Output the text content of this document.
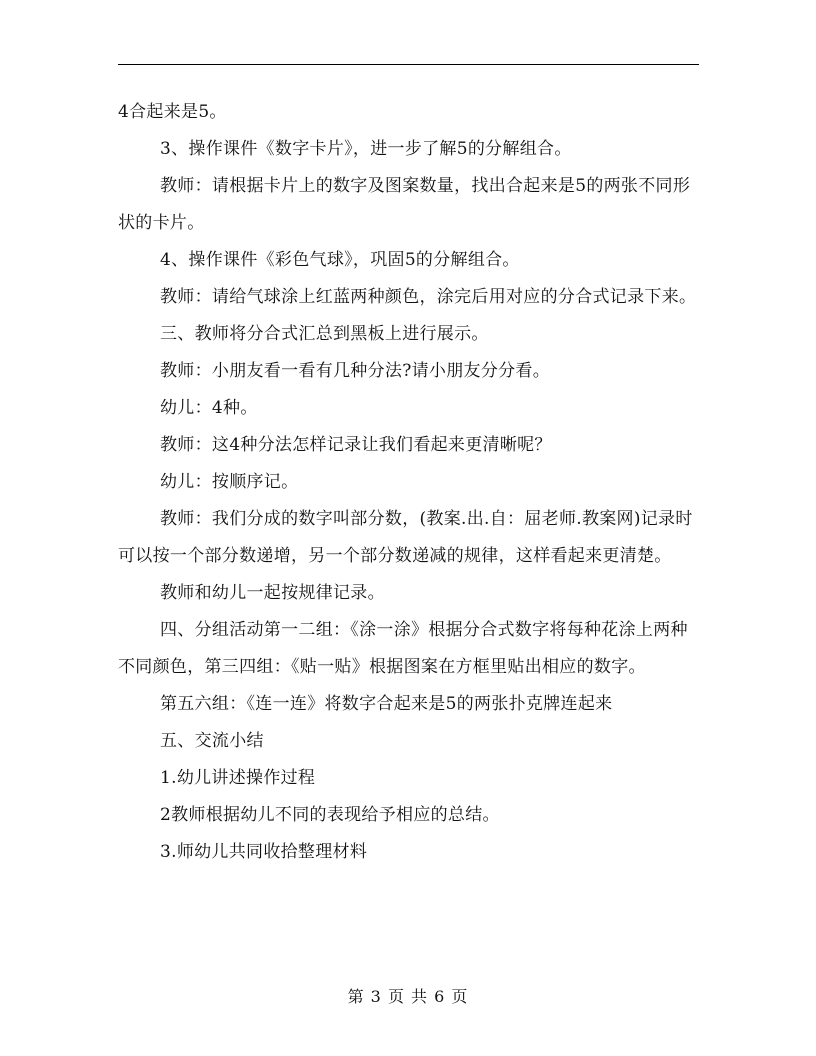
4合起来是5。

3、操作课件《数字卡片》，进一步了解5的分解组合。

教师：请根据卡片上的数字及图案数量，找出合起来是5的两张不同形状的卡片。

4、操作课件《彩色气球》，巩固5的分解组合。

教师：请给气球涂上红蓝两种颜色，涂完后用对应的分合式记录下来。

三、教师将分合式汇总到黑板上进行展示。

教师：小朋友看一看有几种分法?请小朋友分分看。

幼儿：4种。

教师：这4种分法怎样记录让我们看起来更清晰呢？

幼儿：按顺序记。

教师：我们分成的数字叫部分数，(教案.出.自：屈老师.教案网)记录时可以按一个部分数递增，另一个部分数递减的规律，这样看起来更清楚。

教师和幼儿一起按规律记录。

四、分组活动第一二组：《涂一涂》根据分合式数字将每种花涂上两种不同颜色，第三四组：《贴一贴》根据图案在方框里贴出相应的数字。

第五六组：《连一连》将数字合起来是5的两张扑克牌连起来

五、交流小结

1.幼儿讲述操作过程

2教师根据幼儿不同的表现给予相应的总结。

3.师幼儿共同收拾整理材料

第 3 页 共 6 页
